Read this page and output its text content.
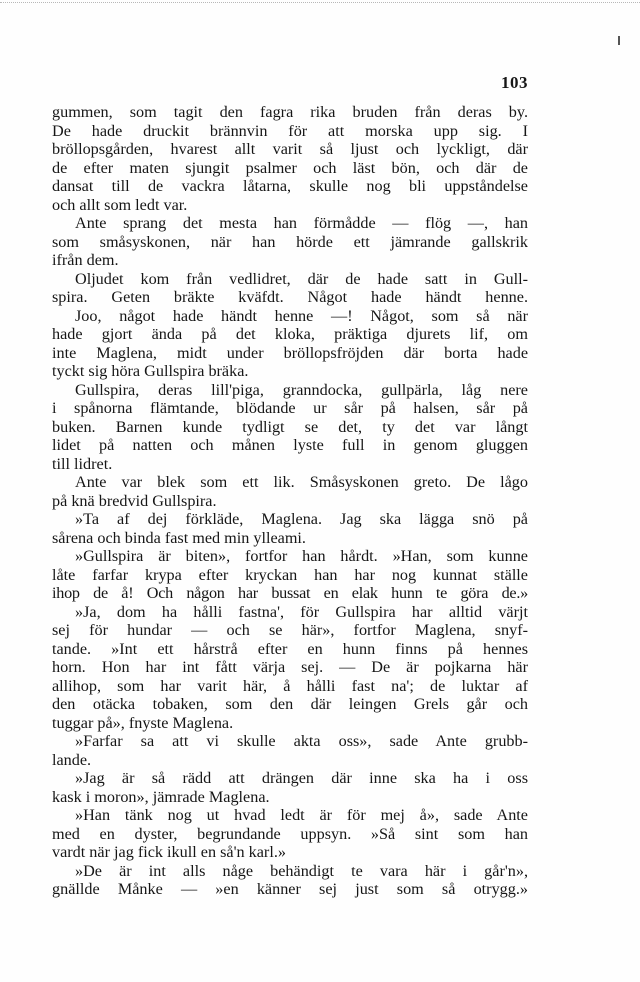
103
gummen, som tagit den fagra rika bruden från deras by.
De hade druckit brännvin för att morska upp sig. I
bröllopsgården, hvarest allt varit så ljust och lyckligt, där
de efter maten sjungit psalmer och läst bön, och där de
dansat till de vackra låtarna, skulle nog bli uppståndelse
och allt som ledt var.
Ante sprang det mesta han förmådde — flög —, han
som småsyskonen, när han hörde ett jämrande gallskrik
ifrån dem.
Oljudet kom från vedlidret, där de hade satt in Gull-
spira. Geten bräkte kväfdt. Något hade händt henne.
Joo, något hade händt henne —! Något, som så när
hade gjort ända på det kloka, präktiga djurets lif, om
inte Maglena, midt under bröllopsfröjden där borta hade
tyckt sig höra Gullspira bräka.
Gullspira, deras lill'piga, granndocka, gullpärla, låg nere
i spånorna flämtande, blödande ur sår på halsen, sår på
buken. Barnen kunde tydligt se det, ty det var långt
lidet på natten och månen lyste full in genom gluggen
till lidret.
Ante var blek som ett lik. Småsyskonen greto. De lågo
på knä bredvid Gullspira.
»Ta af dej förkläde, Maglena. Jag ska lägga snö på
sårena och binda fast med min ylleami.
»Gullspira är biten», fortfor han hårdt. »Han, som kunne
låte farfar krypa efter kryckan han har nog kunnat ställe
ihop de å! Och någon har bussat en elak hunn te göra de.»
»Ja, dom ha hålli fastna', för Gullspira har alltid värjt
sej för hundar — och se här», fortfor Maglena, snyf-
tande. »Int ett hårstrå efter en hunn finns på hennes
horn. Hon har int fått värja sej. — De är pojkarna här
allihop, som har varit här, å hålli fast na'; de luktar af
den otäcka tobaken, som den där leingen Grels går och
tuggar på», fnyste Maglena.
»Farfar sa att vi skulle akta oss», sade Ante grubb-
lande.
»Jag är så rädd att drängen där inne ska ha i oss
kask i moron», jämrade Maglena.
»Han tänk nog ut hvad ledt är för mej å», sade Ante
med en dyster, begrundande uppsyn. »Så sint som han
vardt när jag fick ikull en så'n karl.»
»De är int alls någe behändigt te vara här i går'n»,
gnällde Månke — »en känner sej just som så otrygg.»
